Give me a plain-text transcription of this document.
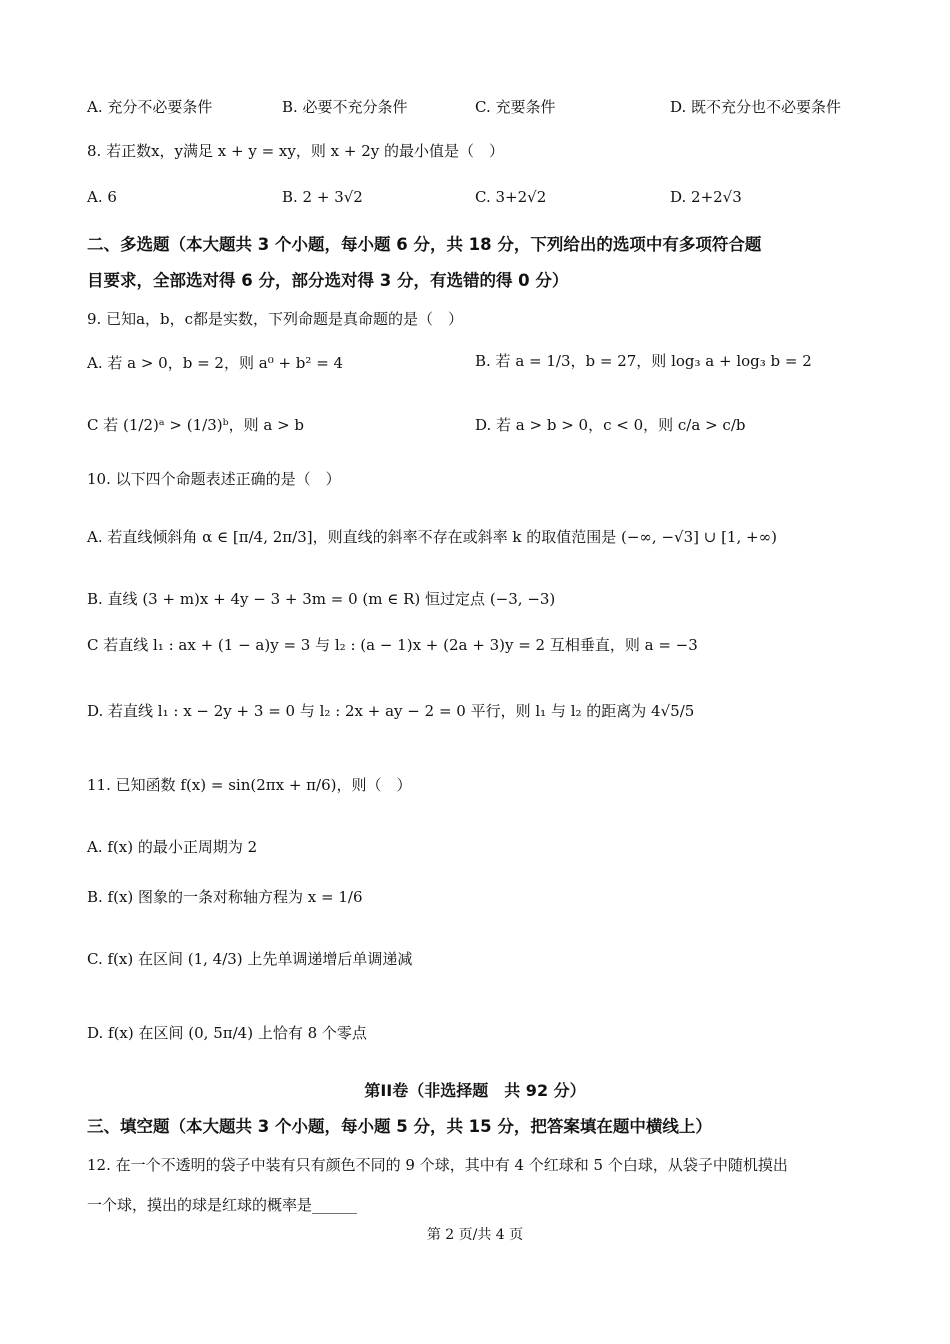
A. 充分不必要条件	B. 必要不充分条件	C. 充要条件	D. 既不充分也不必要条件
8. 若正数x，y满足 x + y = xy，则 x + 2y 的最小值是（　）
A. 6	B. 2 + 3√2	C. 3+2√2	D. 2+2√3
二、多选题（本大题共 3 个小题，每小题 6 分，共 18 分，下列给出的选项中有多项符合题
目要求，全部选对得 6 分，部分选对得 3 分，有选错的得 0 分）
9. 已知a，b，c都是实数，下列命题是真命题的是（　）
A. 若 a > 0，b = 2，则 a⁰ + b² = 4	B. 若 a = 1/3，b = 27，则 log₃ a + log₃ b = 2
C 若 (1/2)ᵃ > (1/3)ᵇ，则 a > b	D. 若 a > b > 0，c < 0，则 c/a > c/b
10. 以下四个命题表述正确的是（　）
A. 若直线倾斜角 α ∈ [π/4, 2π/3]，则直线的斜率不存在或斜率 k 的取值范围是 (−∞, −√3] ∪ [1, +∞)
B. 直线 (3 + m)x + 4y − 3 + 3m = 0 (m ∈ R) 恒过定点 (−3, −3)
C 若直线 l₁ : ax + (1 − a)y = 3 与 l₂ : (a − 1)x + (2a + 3)y = 2 互相垂直，则 a = −3
D. 若直线 l₁ : x − 2y + 3 = 0 与 l₂ : 2x + ay − 2 = 0 平行，则 l₁ 与 l₂ 的距离为 4√5/5
11. 已知函数 f(x) = sin(2πx + π/6)，则（　）
A. f(x) 的最小正周期为 2
B. f(x) 图象的一条对称轴方程为 x = 1/6
C. f(x) 在区间 (1, 4/3) 上先单调递增后单调递减
D. f(x) 在区间 (0, 5π/4) 上恰有 8 个零点
第II卷（非选择题　共 92 分）
三、填空题（本大题共 3 个小题，每小题 5 分，共 15 分，把答案填在题中横线上）
12. 在一个不透明的袋子中装有只有颜色不同的 9 个球，其中有 4 个红球和 5 个白球，从袋子中随机摸出
一个球，摸出的球是红球的概率是______
第 2 页/共 4 页
